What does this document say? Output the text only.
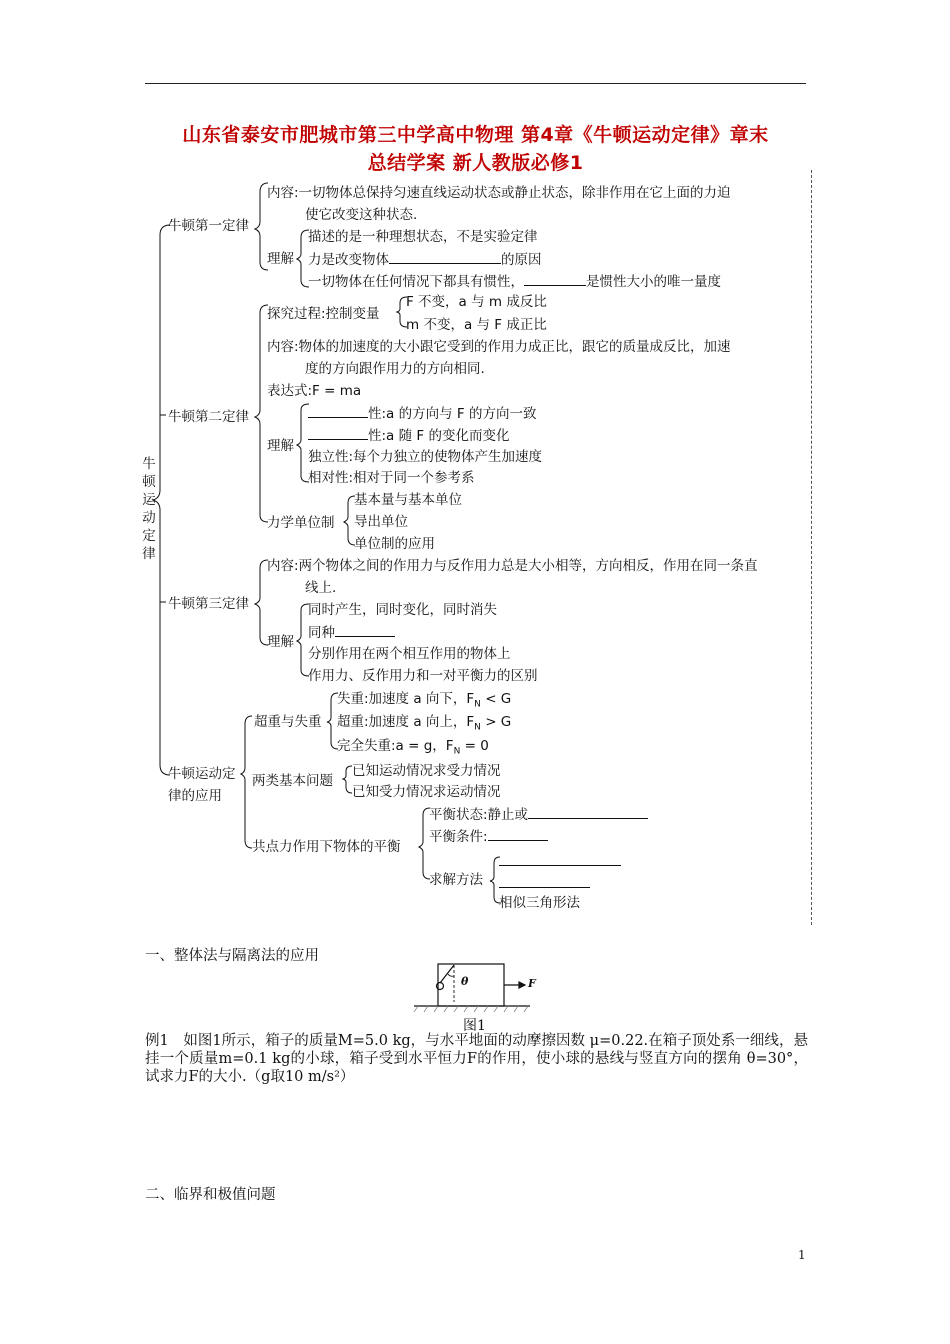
山东省泰安市肥城市第三中学高中物理 第4章《牛顿运动定律》章末
总结学案 新人教版必修1
牛顿运动定律
牛顿第一定律
内容:一切物体总保持匀速直线运动状态或静止状态，除非作用在它上面的力迫
使它改变这种状态.
理解
描述的是一种理想状态，不是实验定律
力是改变物体	的原因
一切物体在任何情况下都具有惯性，	是惯性大小的唯一量度
牛顿第二定律
探究过程:控制变量
F 不变，a 与 m 成反比
m 不变，a 与 F 成正比
内容:物体的加速度的大小跟它受到的作用力成正比，跟它的质量成反比，加速
度的方向跟作用力的方向相同.
表达式:F = ma
理解
性:a 的方向与 F 的方向一致
性:a 随 F 的变化而变化
独立性:每个力独立的使物体产生加速度
相对性:相对于同一个参考系
力学单位制
基本量与基本单位
导出单位
单位制的应用
牛顿第三定律
内容:两个物体之间的作用力与反作用力总是大小相等，方向相反，作用在同一条直
线上.
理解
同时产生，同时变化，同时消失
同种
分别作用在两个相互作用的物体上
作用力、反作用力和一对平衡力的区别
牛顿运动定
律的应用
超重与失重
失重:加速度 a 向下，$F_N < G$
超重:加速度 a 向上，$F_N > G$
完全失重:a = g，$F_N = 0$
两类基本问题
已知运动情况求受力情况
已知受力情况求运动情况
共点力作用下物体的平衡
平衡状态:静止或
平衡条件:
求解方法
相似三角形法
一、整体法与隔离法的应用
θ	F
图1
例1　如图1所示，箱子的质量M=5.0 kg，与水平地面的动摩擦因数 μ=0.22.在箱子顶处系一细线，悬挂一个质量m=0.1 kg的小球，箱子受到水平恒力F的作用，使小球的悬线与竖直方向的摆角 θ=30°，试求力F的大小.（g取10 m/s²）
二、临界和极值问题
1
